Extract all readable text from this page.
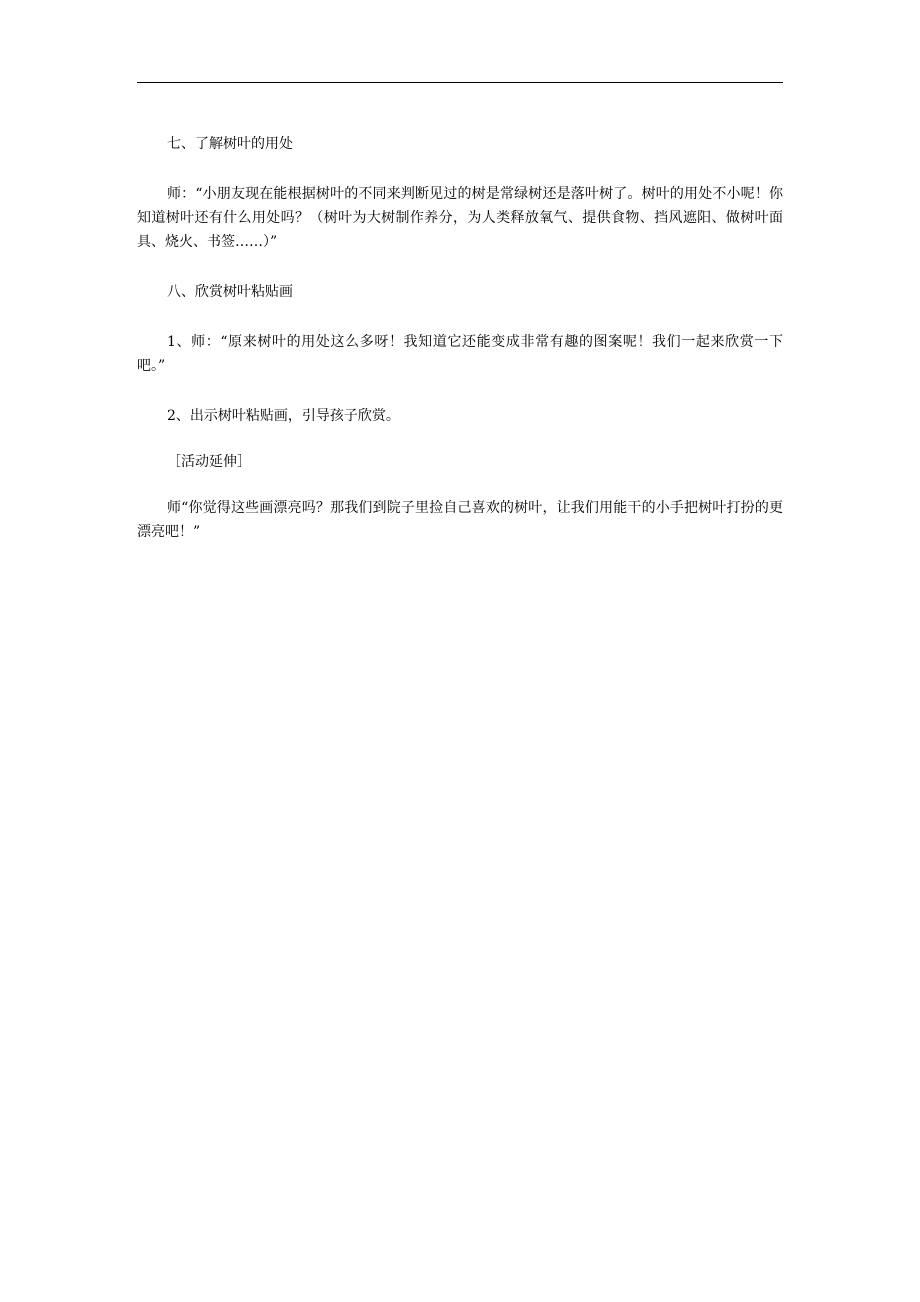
七、了解树叶的用处

师：“小朋友现在能根据树叶的不同来判断见过的树是常绿树还是落叶树了。树叶的用处不小呢！你知道树叶还有什么用处吗？（树叶为大树制作养分，为人类释放氧气、提供食物、挡风遮阳、做树叶面具、烧火、书签……）”

八、欣赏树叶粘贴画

1、师：“原来树叶的用处这么多呀！我知道它还能变成非常有趣的图案呢！我们一起来欣赏一下吧。”

2、出示树叶粘贴画，引导孩子欣赏。

［活动延伸］

师“你觉得这些画漂亮吗？那我们到院子里捡自己喜欢的树叶，让我们用能干的小手把树叶打扮的更漂亮吧！”
